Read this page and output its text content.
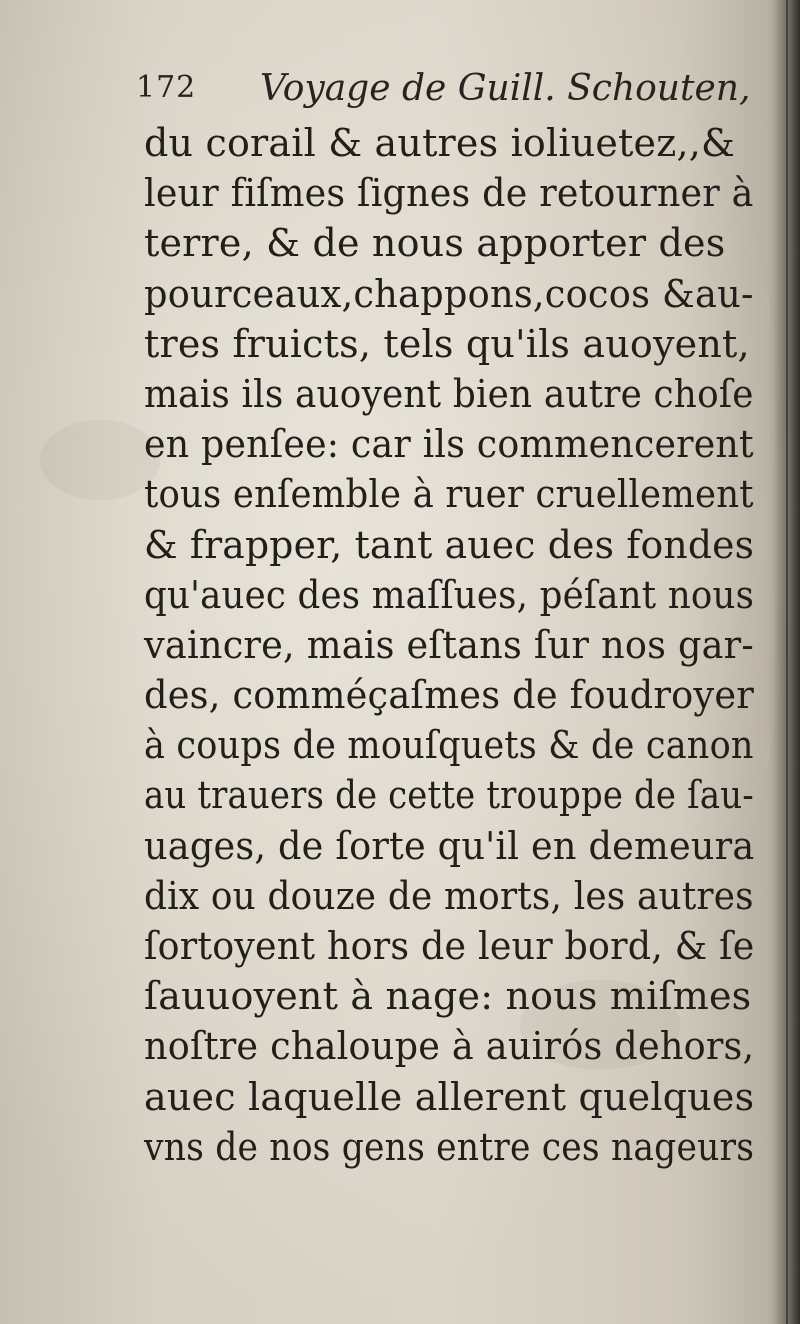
172 Voyage de Guill. Schouten,
du corail & autres ioliuetez,,&
leur fiſmes ſignes de retourner à
terre, & de nous apporter des
pourceaux,chappons,cocos &au-
tres fruicts, tels qu'ils auoyent,
mais ils auoyent bien autre choſe
en penſee: car ils commencerent
tous enſemble à ruer cruellement
& frapper, tant auec des fondes
qu'auec des maſſues, péſant nous
vaincre, mais eſtans ſur nos gar-
des, comméçaſmes de foudroyer
à coups de mouſquets & de canon
au trauers de cette trouppe de ſau-
uages, de ſorte qu'il en demeura
dix ou douze de morts, les autres
ſortoyent hors de leur bord, & ſe
ſauuoyent à nage: nous miſmes
noſtre chaloupe à auirós dehors,
auec laquelle allerent quelques
vns de nos gens entre ces nageurs
